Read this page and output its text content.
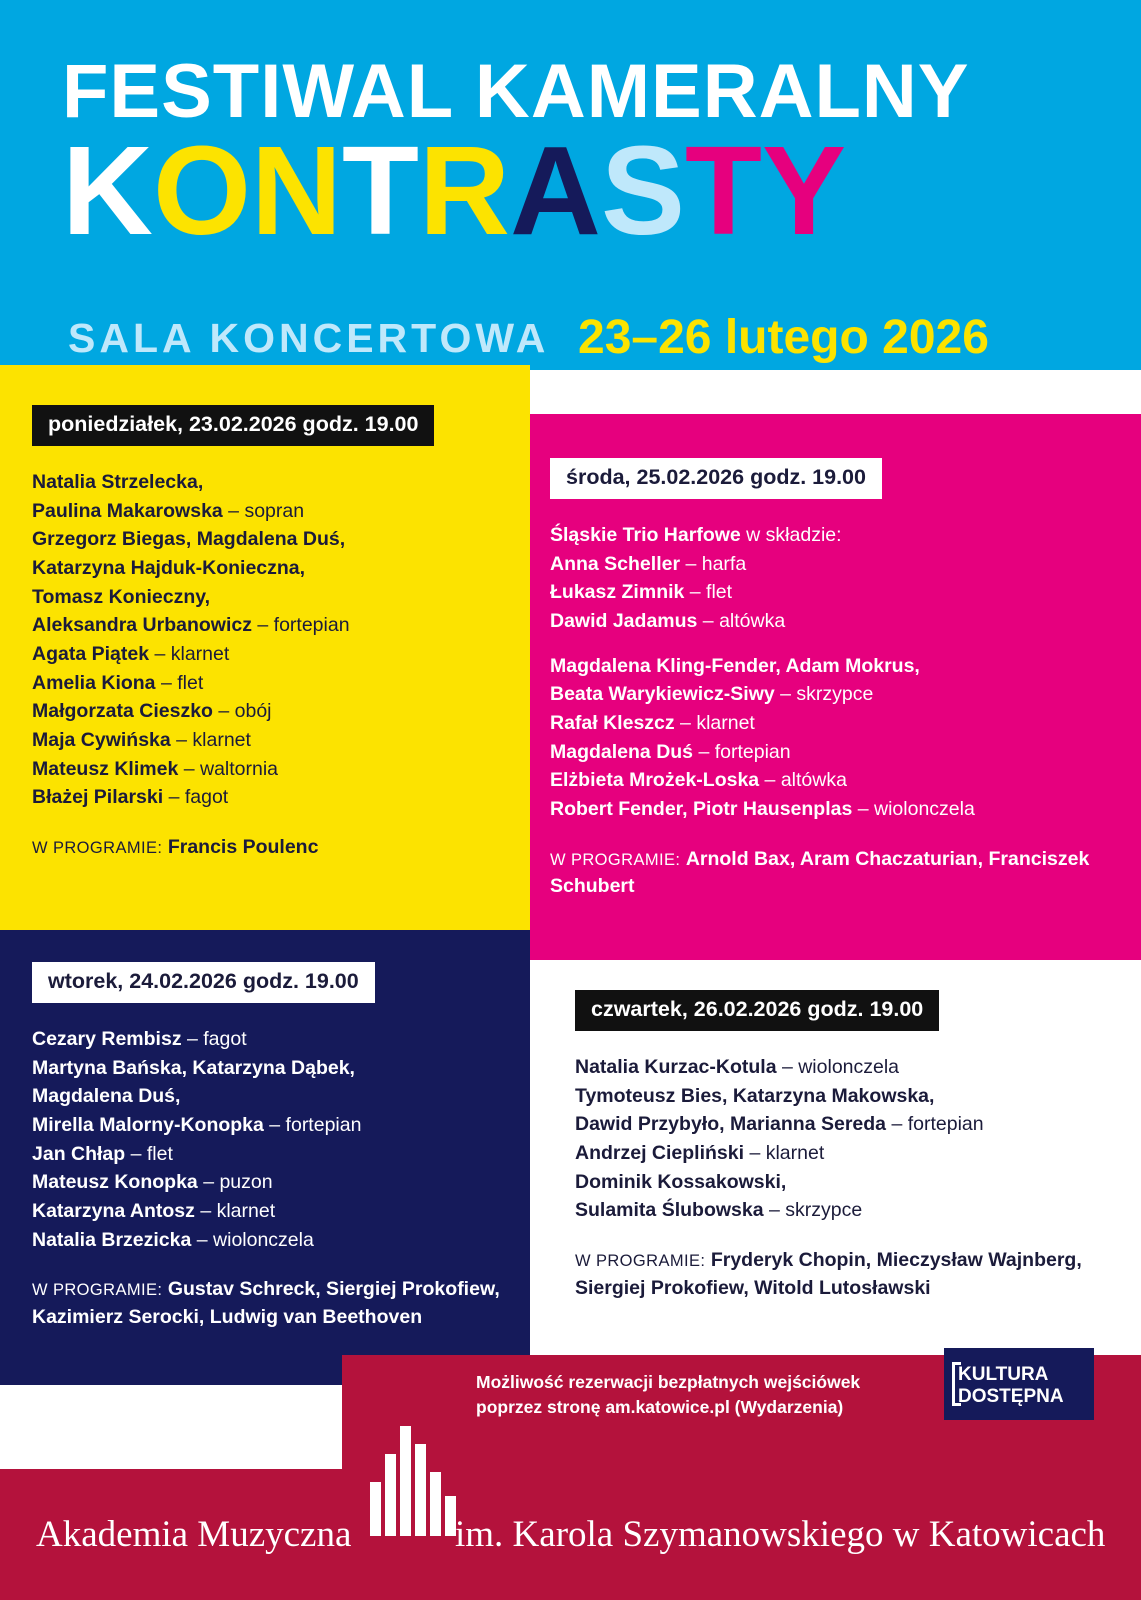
FESTIWAL KAMERALNY
KONTRASTY
SALA KONCERTOWA 23–26 lutego 2026
poniedziałek, 23.02.2026 godz. 19.00
Natalia Strzelecka,
Paulina Makarowska – sopran
Grzegorz Biegas, Magdalena Duś,
Katarzyna Hajduk-Konieczna,
Tomasz Konieczny,
Aleksandra Urbanowicz – fortepian
Agata Piątek – klarnet
Amelia Kiona – flet
Małgorzata Cieszko – obój
Maja Cywińska – klarnet
Mateusz Klimek – waltornia
Błażej Pilarski – fagot
W PROGRAMIE: Francis Poulenc
wtorek, 24.02.2026 godz. 19.00
Cezary Rembisz – fagot
Martyna Bańska, Katarzyna Dąbek,
Magdalena Duś,
Mirella Malorny-Konopka – fortepian
Jan Chłap – flet
Mateusz Konopka – puzon
Katarzyna Antosz – klarnet
Natalia Brzezicka – wiolonczela
W PROGRAMIE: Gustav Schreck, Siergiej Prokofiew, Kazimierz Serocki, Ludwig van Beethoven
środa, 25.02.2026 godz. 19.00
Śląskie Trio Harfowe w składzie:
Anna Scheller – harfa
Łukasz Zimnik – flet
Dawid Jadamus – altówka
Magdalena Kling-Fender, Adam Mokrus,
Beata Warykiewicz-Siwy – skrzypce
Rafał Kleszcz – klarnet
Magdalena Duś – fortepian
Elżbieta Mrożek-Loska – altówka
Robert Fender, Piotr Hausenplas – wiolonczela
W PROGRAMIE: Arnold Bax, Aram Chaczaturian, Franciszek Schubert
czwartek, 26.02.2026 godz. 19.00
Natalia Kurzac-Kotula – wiolonczela
Tymoteusz Bies, Katarzyna Makowska,
Dawid Przybyło, Marianna Sereda – fortepian
Andrzej Ciepliński – klarnet
Dominik Kossakowski,
Sulamita Ślubowska – skrzypce
W PROGRAMIE: Fryderyk Chopin, Mieczysław Wajnberg, Siergiej Prokofiew, Witold Lutosławski
Możliwość rezerwacji bezpłatnych wejściówek
poprzez stronę am.katowice.pl (Wydarzenia)
KULTURA
DOSTĘPNA
Akademia Muzyczna	im. Karola Szymanowskiego w Katowicach
